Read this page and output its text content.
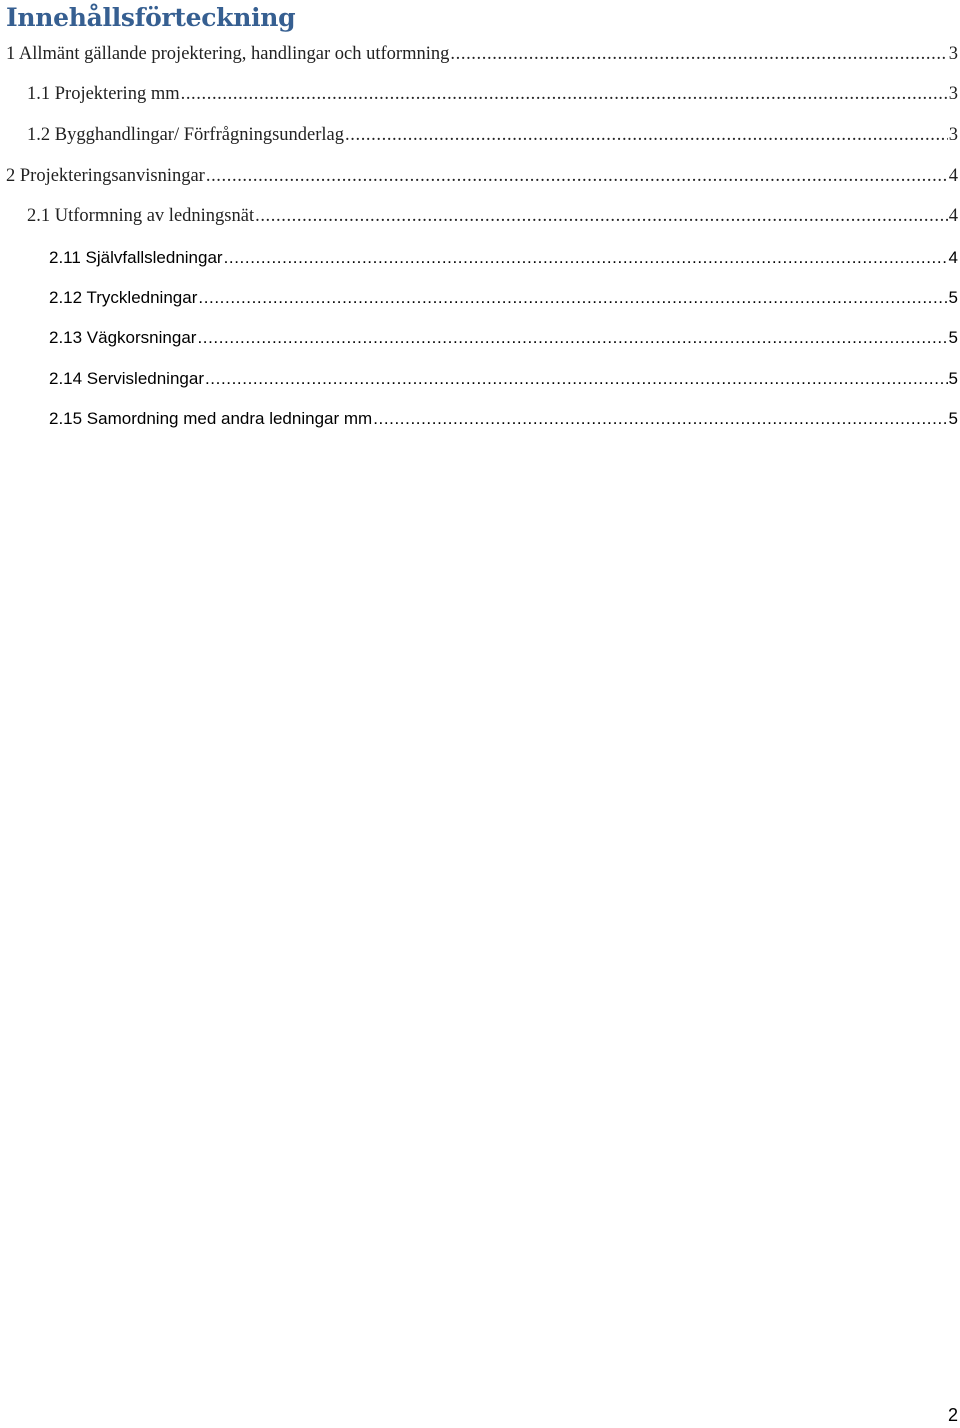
Innehållsförteckning
1 Allmänt gällande projektering, handlingar och utformning .....	3
1.1 Projektering mm .....	3
1.2 Bygghandlingar/ Förfrågningsunderlag .....	3
2 Projekteringsanvisningar .....	4
2.1 Utformning av ledningsnät .....	4
2.11 Självfallsledningar .....	4
2.12 Tryckledningar .....	5
2.13 Vägkorsningar .....	5
2.14 Servisledningar .....	5
2.15 Samordning med andra ledningar mm .....	5
2
